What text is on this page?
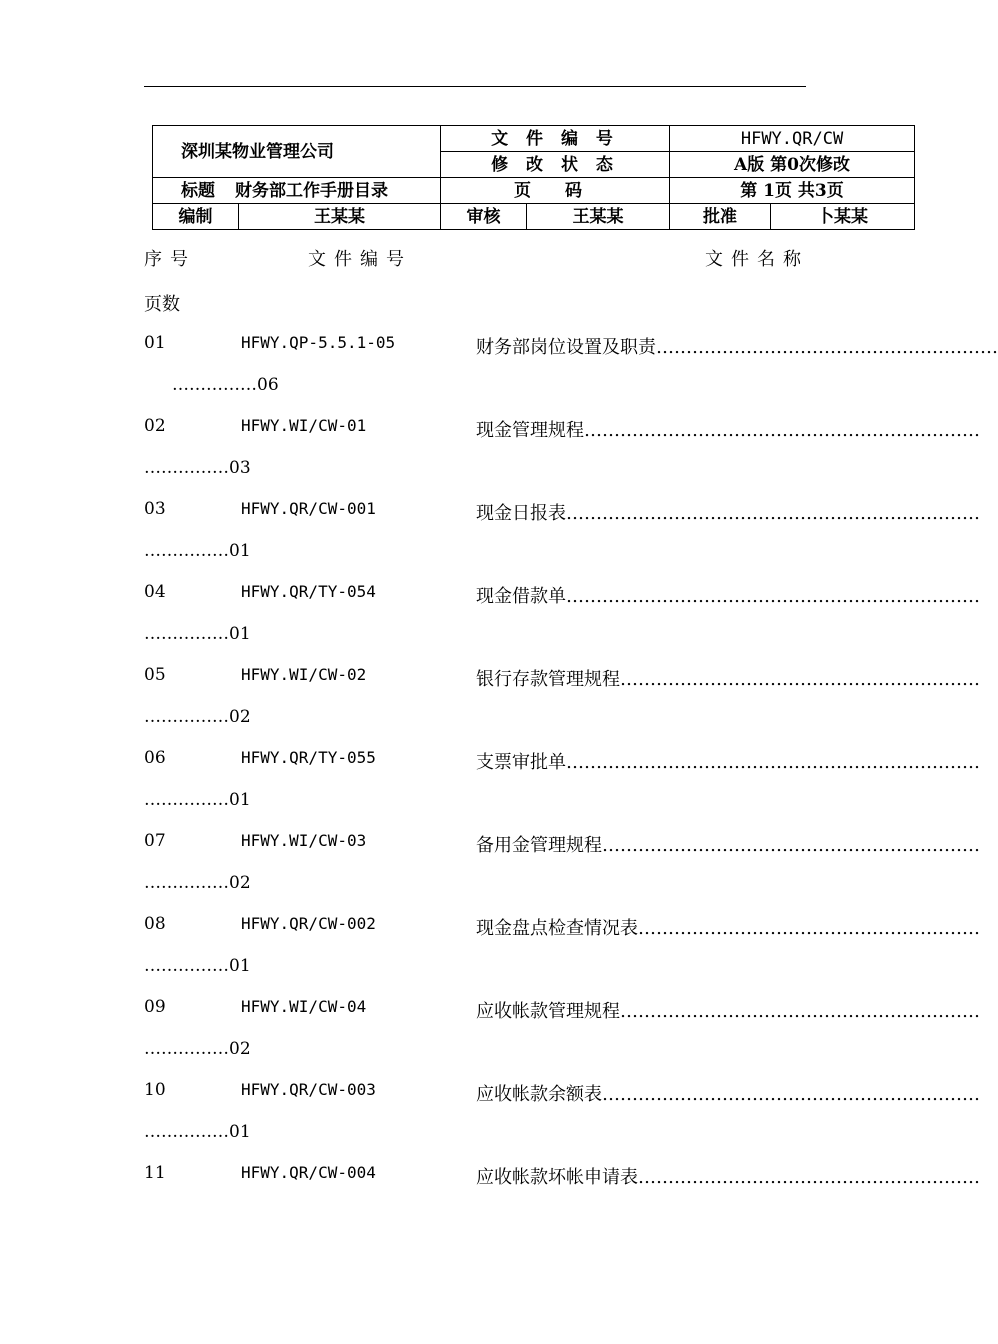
深圳某物业管理公司		文 件 编 号		HFWY.QR/CW	
		修 改 状 态		A版 第0次修改	
标题 财务部工作手册目录		页 码		第 1页 共3页	
编制	王某某	审核	王某某	批准	卜某某
序号	文件编号	文件名称
页数
01	HFWY.QP-5.5.1-05	财务部岗位设置及职责…………………………………………………
……………06
02	HFWY.WI/CW-01	现金管理规程…………………………………………………………
……………03
03	HFWY.QR/CW-001	现金日报表……………………………………………………………
……………01
04	HFWY.QR/TY-054	现金借款单……………………………………………………………
……………01
05	HFWY.WI/CW-02	银行存款管理规程……………………………………………………
……………02
06	HFWY.QR/TY-055	支票审批单……………………………………………………………
……………01
07	HFWY.WI/CW-03	备用金管理规程………………………………………………………
……………02
08	HFWY.QR/CW-002	现金盘点检查情况表…………………………………………………
……………01
09	HFWY.WI/CW-04	应收帐款管理规程……………………………………………………
……………02
10	HFWY.QR/CW-003	应收帐款余额表………………………………………………………
……………01
11	HFWY.QR/CW-004	应收帐款坏帐申请表…………………………………………………
